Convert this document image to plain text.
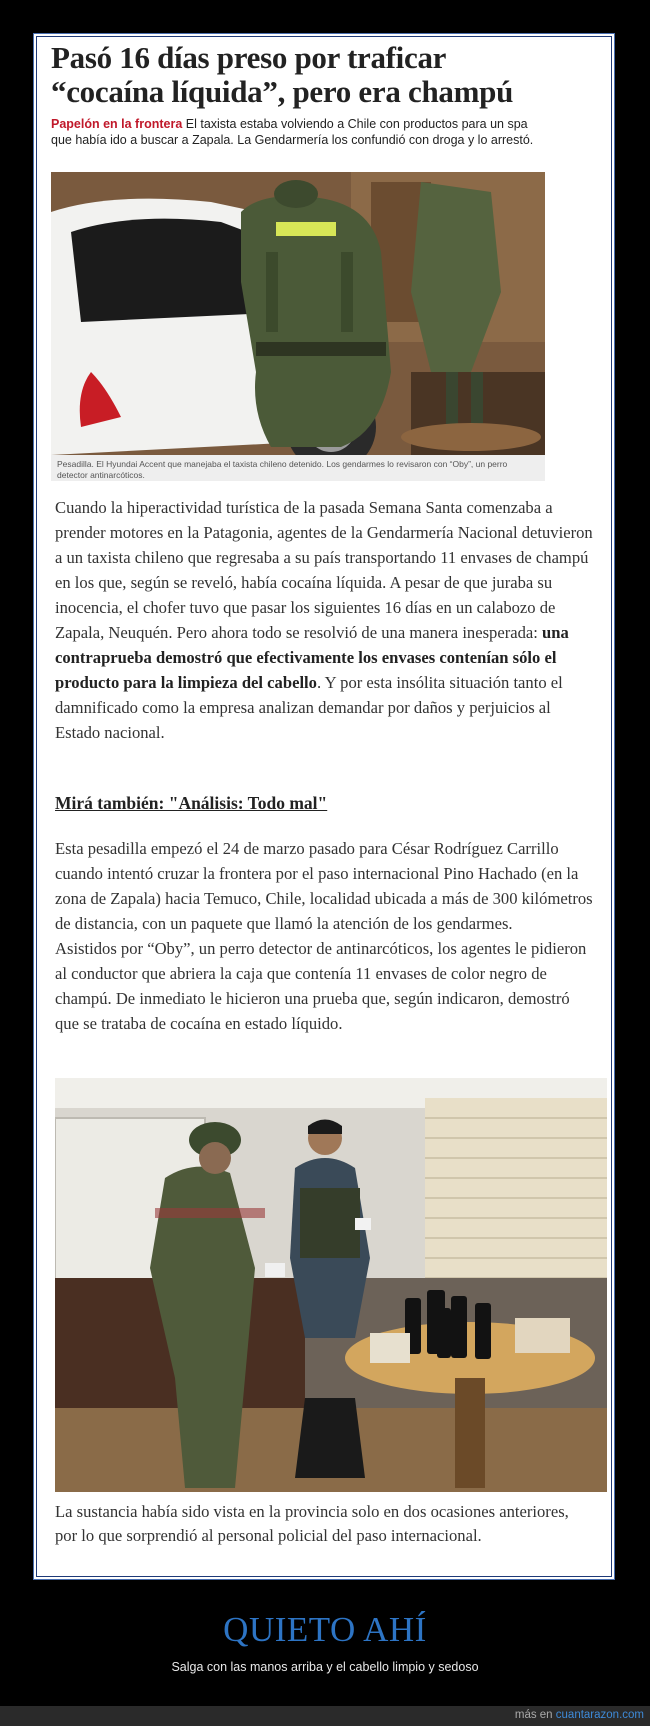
Pasó 16 días preso por traficar
“cocaína líquida”, pero era champú
Papelón en la frontera El taxista estaba volviendo a Chile con productos para un spa que había ido a buscar a Zapala. La Gendarmería los confundió con droga y lo arrestó.
Pesadilla. El Hyundai Accent que manejaba el taxista chileno detenido. Los gendarmes lo revisaron con “Oby”, un perro detector antinarcóticos.

Cuando la hiperactividad turística de la pasada Semana Santa comenzaba a prender motores en la Patagonia, agentes de la Gendarmería Nacional detuvieron a un taxista chileno que regresaba a su país transportando 11 envases de champú en los que, según se reveló, había cocaína líquida. A pesar de que juraba su inocencia, el chofer tuvo que pasar los siguientes 16 días en un calabozo de Zapala, Neuquén. Pero ahora todo se resolvió de una manera inesperada: una contraprueba demostró que efectivamente los envases contenían sólo el producto para la limpieza del cabello. Y por esta insólita situación tanto el damnificado como la empresa analizan demandar por daños y perjuicios al Estado nacional.

Mirá también: "Análisis: Todo mal"

Esta pesadilla empezó el 24 de marzo pasado para César Rodríguez Carrillo cuando intentó cruzar la frontera por el paso internacional Pino Hachado (en la zona de Zapala) hacia Temuco, Chile, localidad ubicada a más de 300 kilómetros de distancia, con un paquete que llamó la atención de los gendarmes.

Asistidos por “Oby”, un perro detector de antinarcóticos, los agentes le pidieron al conductor que abriera la caja que contenía 11 envases de color negro de champú. De inmediato le hicieron una prueba que, según indicaron, demostró que se trataba de cocaína en estado líquido.

La sustancia había sido vista en la provincia solo en dos ocasiones anteriores, por lo que sorprendió al personal policial del paso internacional.

QUIETO AHÍ
Salga con las manos arriba y el cabello limpio y sedoso
más en cuantarazon.com
